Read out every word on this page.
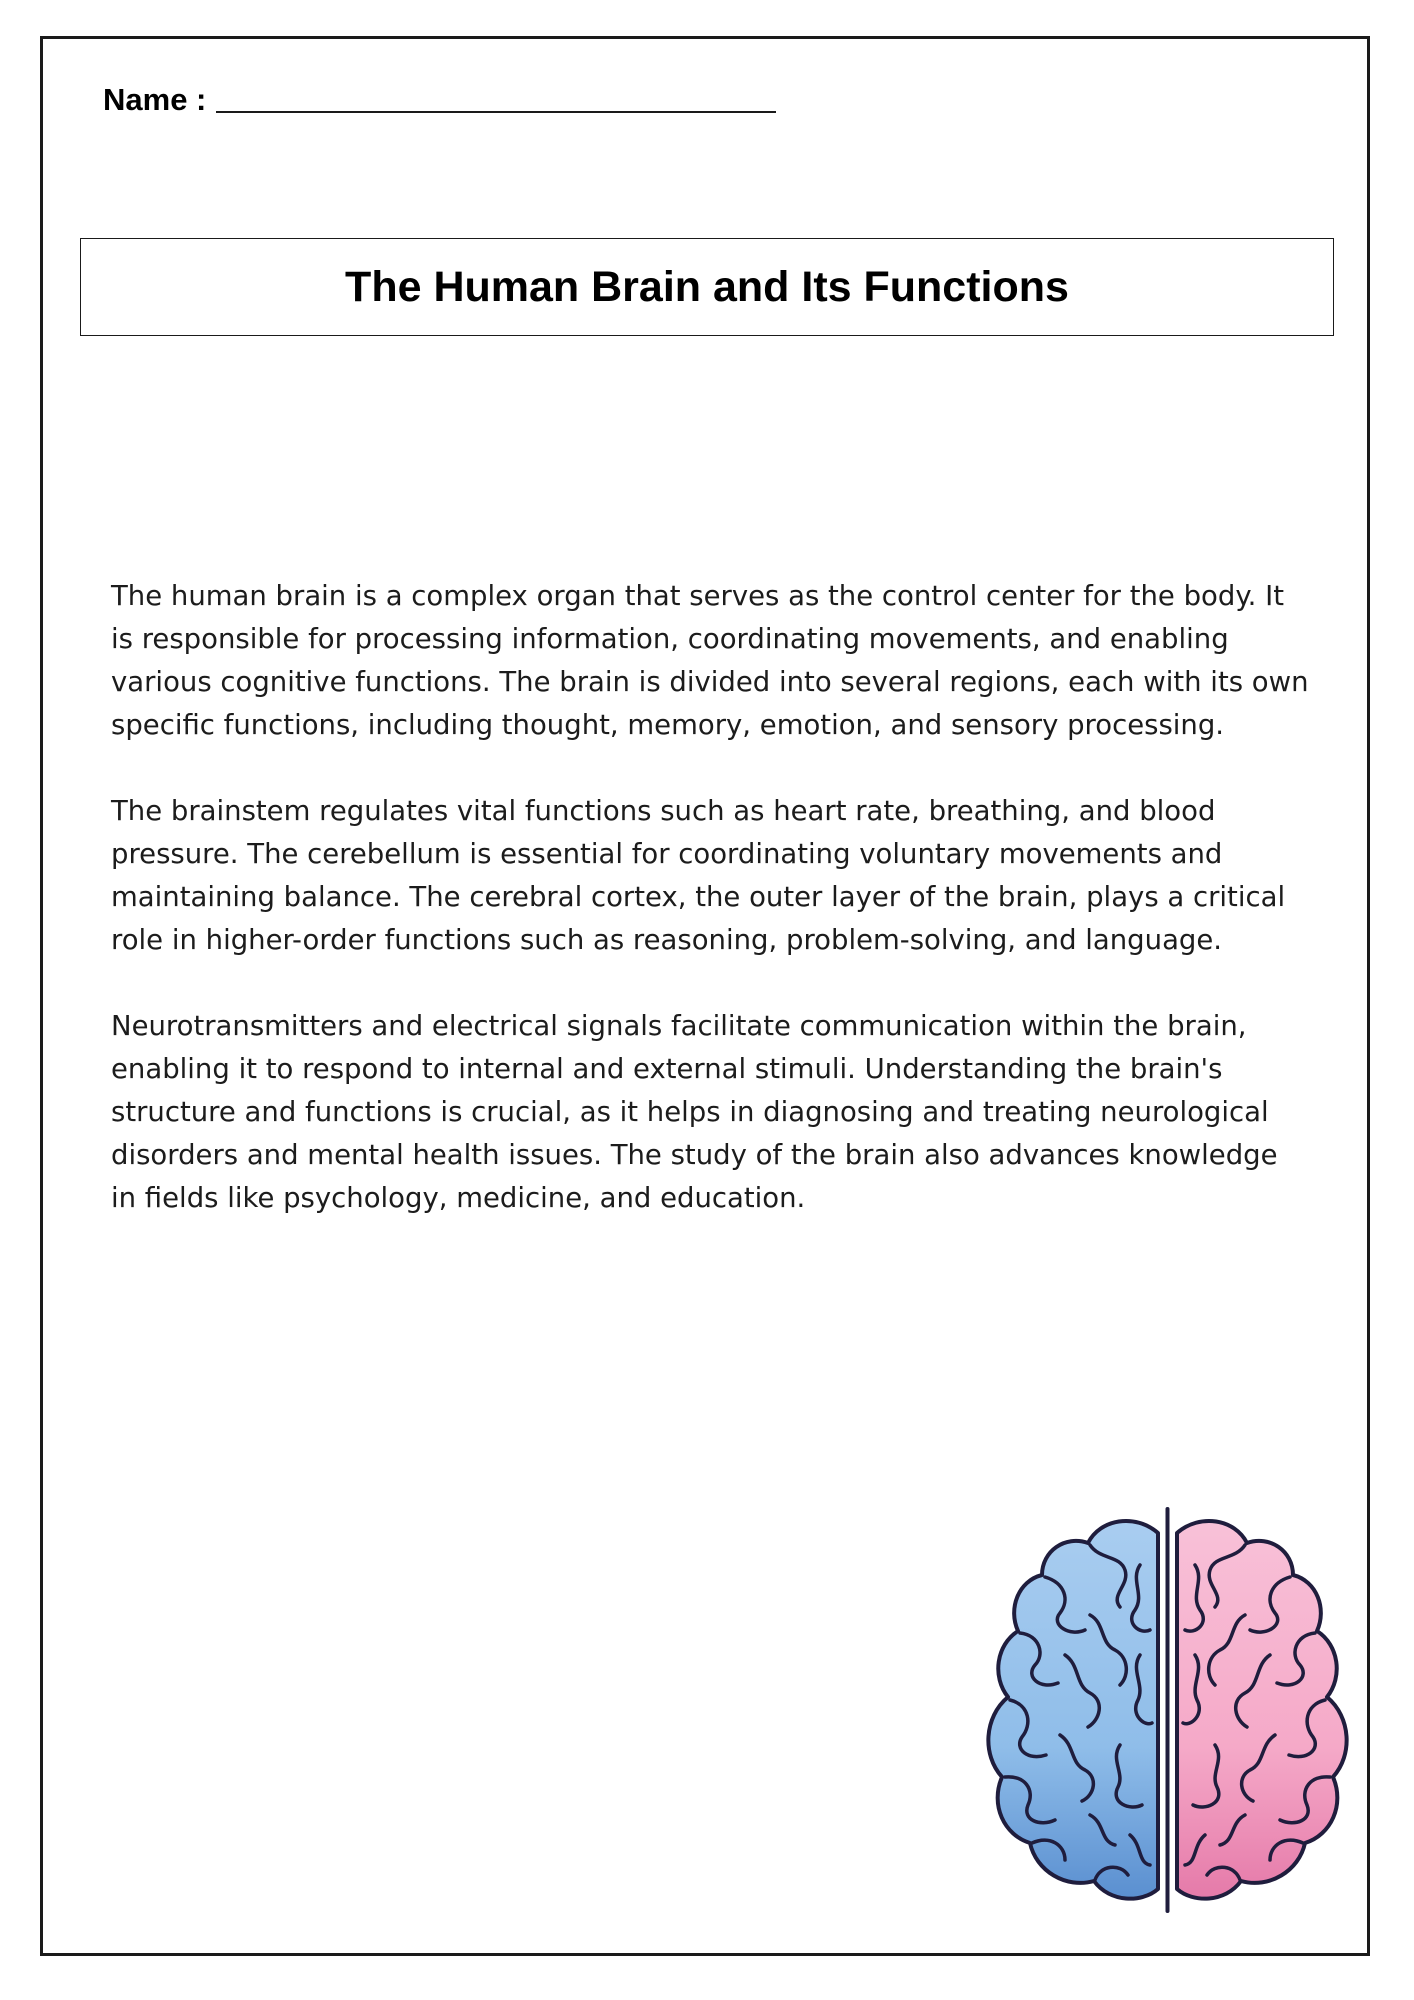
Name :
The Human Brain and Its Functions

The human brain is a complex organ that serves as the control center for the body. It is responsible for processing information, coordinating movements, and enabling various cognitive functions. The brain is divided into several regions, each with its own specific functions, including thought, memory, emotion, and sensory processing.

The brainstem regulates vital functions such as heart rate, breathing, and blood pressure. The cerebellum is essential for coordinating voluntary movements and maintaining balance. The cerebral cortex, the outer layer of the brain, plays a critical role in higher-order functions such as reasoning, problem-solving, and language.

Neurotransmitters and electrical signals facilitate communication within the brain, enabling it to respond to internal and external stimuli. Understanding the brain's structure and functions is crucial, as it helps in diagnosing and treating neurological disorders and mental health issues. The study of the brain also advances knowledge in fields like psychology, medicine, and education.
